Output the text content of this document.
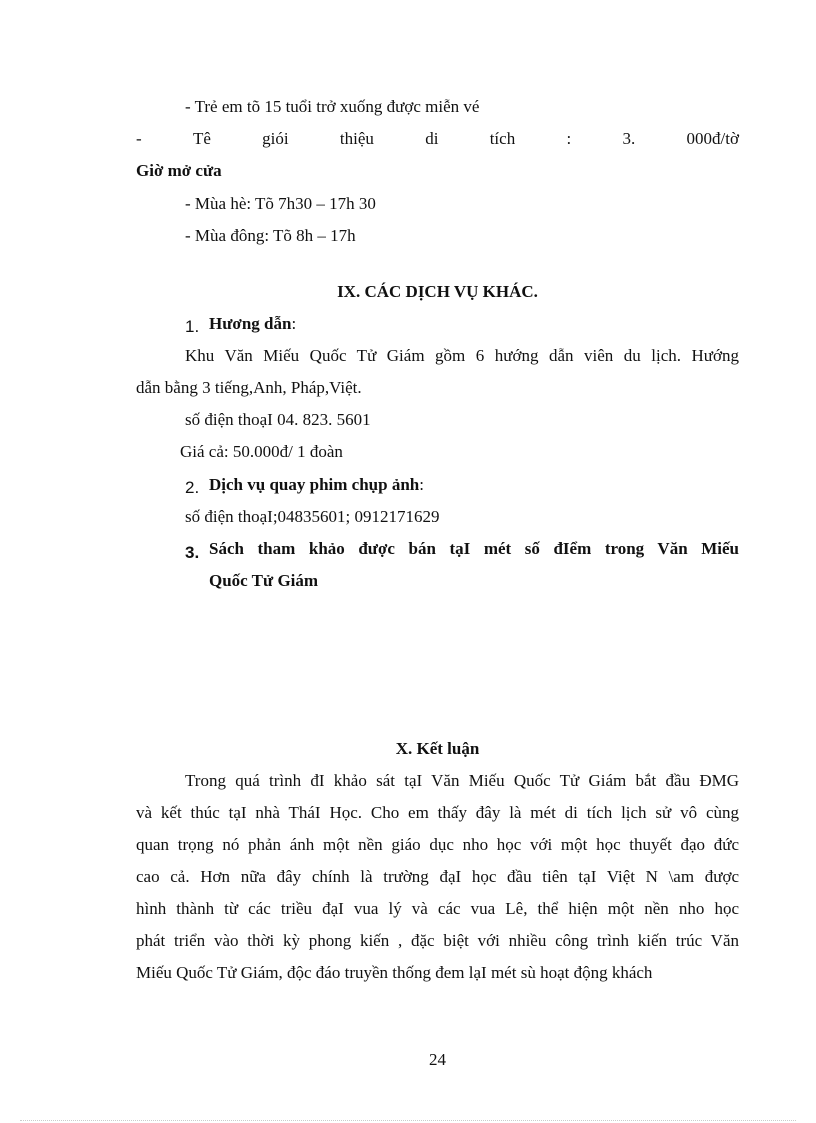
- Trẻ em tõ 15 tuổi trở xuống được miễn vé
-	Tê	giói	thiệu	di	tích	:	3.	000đ/tờ
Giờ mở cửa
- Mùa hè: Tõ 7h30 – 17h 30
- Mùa đông: Tõ 8h – 17h
IX. CÁC DỊCH VỤ KHÁC.
1. Hương dẫn:
Khu Văn Miếu Quốc Tử Giám gồm 6 hướng dẫn viên du lịch. Hướng
dẫn bằng 3 tiếng,Anh, Pháp,Việt.
số điện thoạI 04. 823. 5601
Giá cả: 50.000đ/ 1 đoàn
2. Dịch vụ quay phim chụp ảnh:
số điện thoạI;04835601; 0912171629
3. Sách tham khảo được bán tạI mét số đIểm trong Văn Miếu
Quốc Tử Giám
X. Kết luận
Trong quá trình đI khảo sát tạI Văn Miếu Quốc Tử Giám bắt đầu ĐMG
và kết thúc tạI nhà TháI Học. Cho em thấy đây là mét di tích lịch sử vô cùng
quan trọng nó phản ánh một nền giáo dục nho học với một học thuyết đạo đức
cao cả. Hơn nữa đây chính là trường đạI học đầu tiên tạI Việt N \am được
hình thành từ các triều đạI vua lý và các vua Lê, thể hiện một nền nho học
phát triển vào thời kỳ phong kiến , đặc biệt với nhiều công trình kiến trúc Văn
Miếu Quốc Tử Giám, độc đáo truyền thống đem lạI mét sù hoạt động khách
24
